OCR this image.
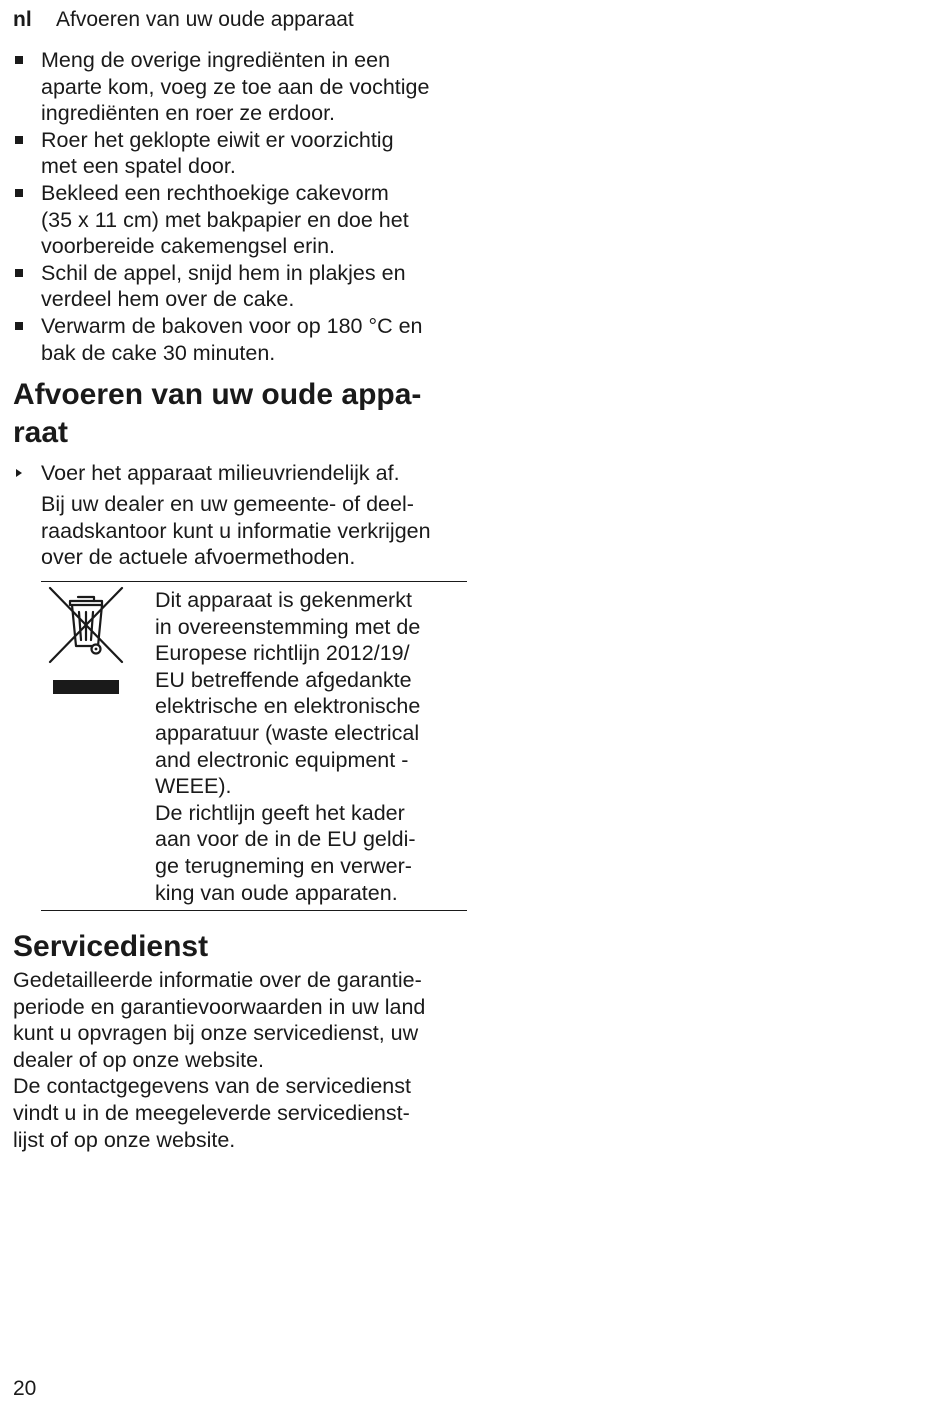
nl Afvoeren van uw oude apparaat
Meng de overige ingrediënten in een
aparte kom, voeg ze toe aan de vochtige
ingrediënten en roer ze erdoor.
Roer het geklopte eiwit er voorzichtig
met een spatel door.
Bekleed een rechthoekige cakevorm
(35 x 11 cm) met bakpapier en doe het
voorbereide cakemengsel erin.
Schil de appel, snijd hem in plakjes en
verdeel hem over de cake.
Verwarm de bakoven voor op 180 °C en
bak de cake 30 minuten.
Afvoeren van uw oude appa-
raat
Voer het apparaat milieuvriendelijk af.

Bij uw dealer en uw gemeente- of deel-
raadskantoor kunt u informatie verkrijgen
over de actuele afvoermethoden.

Dit apparaat is gekenmerkt
in overeenstemming met de
Europese richtlijn 2012/19/
EU betreffende afgedankte
elektrische en elektronische
apparatuur (waste electrical
and electronic equipment -
WEEE).
De richtlijn geeft het kader
aan voor de in de EU geldi-
ge terugneming en verwer-
king van oude apparaten.

Servicedienst

Gedetailleerde informatie over de garantie-
periode en garantievoorwaarden in uw land
kunt u opvragen bij onze servicedienst, uw
dealer of op onze website.
De contactgegevens van de servicedienst
vindt u in de meegeleverde servicedienst-
lijst of op onze website.

20
